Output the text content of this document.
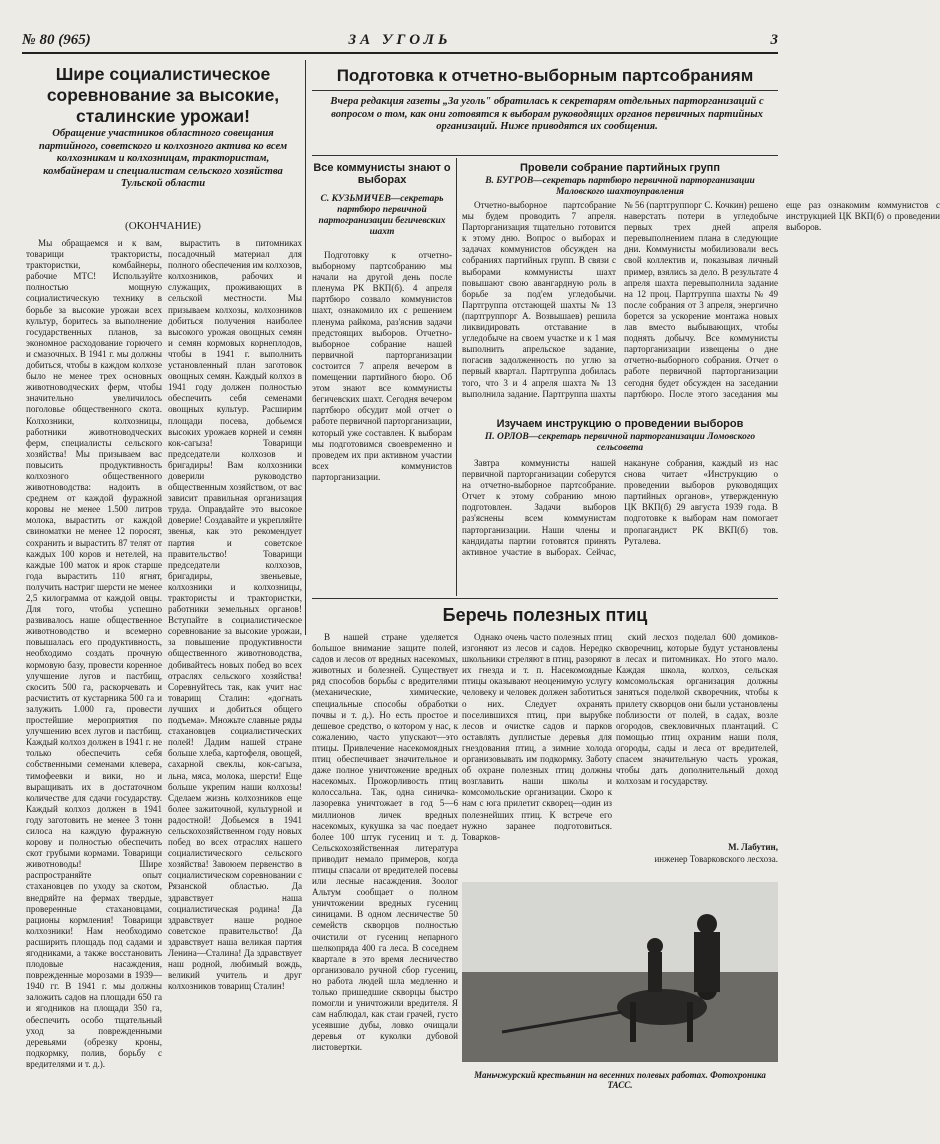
№ 80 (965)	ЗА УГОЛЬ	3
Шире социалистическое соревнование за высокие, сталинские урожаи!
Обращение участников областного совещания партийного, советского и колхозного актива ко всем колхозникам и колхозницам, трактористам, комбайнерам и специалистам сельского хозяйства Тульской области
(ОКОНЧАНИЕ)

Мы обращаемся и к вам, товарищи трактористы, трактористки, комбайнеры, рабочие МТС! Используйте полностью мощную социалистическую технику в борьбе за высокие урожаи всех культур, боритесь за выполнение государственных планов, за экономное расходование горючего и смазочных. В 1941 г. мы должны добиться, чтобы в каждом колхозе было не менее трех основных животноводческих ферм, чтобы значительно увеличилось поголовье общественного скота. Колхозники, колхозницы, работники животноводческих ферм, специалисты сельского хозяйства! Мы призываем вас повысить продуктивность колхозного общественного животноводства: надоить в среднем от каждой фуражной коровы не менее 1.500 литров молока, вырастить от каждой свиноматки не менее 12 поросят, сохранить и вырастить 87 телят от каждых 100 коров и нетелей, на каждые 100 маток и ярок старше года вырастить 110 ягнят, получить настриг шерсти не менее 2,5 килограмма от каждой овцы. Для того, чтобы успешно развивалось наше общественное животноводство и всемерно повышалась его продуктивность, необходимо создать прочную кормовую базу, провести коренное улучшение лугов и пастбищ, скосить 500 га, раскорчевать и расчистить от кустарника 500 га и залужить 1.000 га, провести простейшие мероприятия по улучшению всех лугов и пастбищ. Каждый колхоз должен в 1941 г. не только обеспечить себя собственными семенами клевера, тимофеевки и вики, но и выращивать их в достаточном количестве для сдачи государству. Каждый колхоз должен в 1941 году заготовить не менее 3 тонн силоса на каждую фуражную корову и полностью обеспечить скот грубыми кормами. Товарищи животноводы! Шире распространяйте опыт стахановцев по уходу за скотом, внедряйте на фермах твердые, проверенные стахановцами, рационы кормления! Товарищи колхозники! Нам необходимо расширить площадь под садами и ягодниками, а также восстановить плодовые насаждения, поврежденные морозами в 1939—1940 гг. В 1941 г. мы должны заложить садов на площади 650 га и ягодников на площади 350 га, обеспечить особо тщательный уход за поврежденными деревьями (обрезку кроны, подкормку, полив, борьбу с вредителями и т. д.).

вырастить в питомниках посадочный материал для полного обеспечения им колхозов, колхозников, рабочих и служащих, проживающих в сельской местности. Мы призываем колхозы, колхозников добиться получения наиболее высокого урожая овощных семян и семян кормовых корнеплодов, чтобы в 1941 г. выполнить установленный план заготовок овощных семян. Каждый колхоз в 1941 году должен полностью обеспечить себя семенами овощных культур. Расширим площади посева, добьемся высоких урожаев корней и семян кок-сагыза! Товарищи председатели колхозов и бригадиры! Вам колхозники доверили руководство общественным хозяйством, от вас зависит правильная организация труда. Оправдайте это высокое доверие! Создавайте и укрепляйте звенья, как это рекомендует партия и советское правительство! Товарищи председатели колхозов, бригадиры, звеньевые, колхозники и колхозницы, трактористы и трактористки, работники земельных органов! Вступайте в социалистическое соревнование за высокие урожаи, за повышение продуктивности общественного животноводства, добивайтесь новых побед во всех отраслях сельского хозяйства! Соревнуйтесь так, как учит нас товарищ Сталин: «догнать лучших и добиться общего подъема». Множьте славные ряды стахановцев социалистических полей! Дадим нашей стране больше хлеба, картофеля, овощей, сахарной свеклы, кок-сагыза, льна, мяса, молока, шерсти! Еще больше укрепим наши колхозы! Сделаем жизнь колхозников еще более зажиточной, культурной и радостной! Добьемся в 1941 сельскохозяйственном году новых побед во всех отраслях нашего социалистического сельского хозяйства! Завоюем первенство в социалистическом соревновании с Рязанской областью. Да здравствует наша социалистическая родина! Да здравствует наше родное советское правительство! Да здравствует наша великая партия Ленина—Сталина! Да здравствует наш родной, любимый вождь, великий учитель и друг колхозников товарищ Сталин!

Подготовка к отчетно-выборным партсобраниям
Вчера редакция газеты „За уголь" обратилась к секретарям отдельных парторганизаций с вопросом о том, как они готовятся к выборам руководящих органов первичных партийных организаций. Ниже приводятся их сообщения.
Все коммунисты знают о выборах
С. КУЗЬМИЧЕВ—секретарь партбюро первичной партогранизации бегичевских шахт

Подготовку к отчетно-выборному партсобранию мы начали на другой день после пленума РК ВКП(б). 4 апреля партбюро созвало коммунистов шахт, ознакомило их с решением пленума райкома, раз'яснив задачи предстоящих выборов. Отчетно-выборное собрание нашей первичной парторганизации состоится 7 апреля вечером в помещении партийного бюро. Об этом знают все коммунисты бегичевских шахт. Сегодня вечером партбюро обсудит мой отчет о работе первичной парторганизации, который уже составлен. К выборам мы подготовимся своевременно и проведем их при активном участии всех коммунистов парторганизации.

Провели собрание партийных групп
В. БУГРОВ—секретарь партбюро первичной парторганизации Маловского шахтоуправления

Отчетно-выборное партсобрание мы будем проводить 7 апреля. Парторганизация тщательно готовится к этому дню. Вопрос о выборах и задачах коммунистов обсужден на собраниях партийных групп. В связи с выборами коммунисты шахт повышают свою авангардную роль в борьбе за под'ем угледобычи. Партгруппа отстающей шахты № 13 (партгруппорг А. Возвышаев) решила ликвидировать отставание в угледобыче на своем участке и к 1 мая выполнить апрельское задание, погасив задолженность по углю за первый квартал. Партгруппа добилась того, что 3 и 4 апреля шахта № 13 выполнила задание. Партгруппа шахты № 56 (партгруппорг С. Кочкин) решено наверстать потери в угледобыче первых трех дней апреля перевыполнением плана в следующие дни. Коммунисты мобилизовали весь свой коллектив и, показывая личный пример, взялись за дело. В результате 4 апреля шахта перевыполнила задание на 12 проц. Партгруппа шахты № 49 после собрания от 3 апреля, энергично борется за ускорение монтажа новых лав вместо выбывающих, чтобы поднять добычу. Все коммунисты парторганизации извещены о дне отчетно-выборного собрания. Отчет о работе первичной парторганизации сегодня будет обсужден на заседании партбюро. После этого заседания мы еще раз ознакомим коммунистов с инструкцией ЦК ВКП(б) о проведении выборов.

Изучаем инструкцию о проведении выборов
П. ОРЛОВ—секретарь первичной парторганизации Ломовского сельсовета

Завтра коммунисты нашей первичной парторганизации соберутся на отчетно-выборное партсобрание. Отчет к этому собранию мною подготовлен. Задачи выборов раз'яснены всем коммунистам парторганизации. Наши члены и кандидаты партии готовятся принять активное участие в выборах. Сейчас, накануне собрания, каждый из нас снова читает «Инструкцию о проведении выборов руководящих партийных органов», утвержденную ЦК ВКП(б) 29 августа 1939 года. В подготовке к выборам нам помогает пропагандист РК ВКП(б) тов. Руталева.

Беречь полезных птиц

В нашей стране уделяется большое внимание защите полей, садов и лесов от вредных насекомых, животных и болезней. Существует ряд способов борьбы с вредителями (механические, химические, специальные способы обработки почвы и т. д.). Но есть простое и дешевое средство, о котором у нас, к сожалению, часто упускают—это птицы. Привлечение насекомоядных птиц обеспечивает значительное и даже полное уничтожение вредных насекомых. Прожорливость птиц колоссальна. Так, одна синичка-лазоревка уничтожает в год 5—6 миллионов личек вредных насекомых, кукушка за час поедает более 100 штук гусениц и т. д. Сельскохозяйственная литература приводит немало примеров, когда птицы спасали от вредителей посевы или лесные насаждения. Зоолог Альтум сообщает о полном уничтожении вредных гусениц синицами. В одном лесничестве 50 семейств скворцов полностью очистили от гусениц непарного шелкопряда 400 га леса. В соседнем квартале в это время лесничество организовало ручной сбор гусениц, но работа людей шла медленно и только пришедшие скворцы быстро помогли и уничтожили вредителя. Я сам наблюдал, как стаи грачей, густо усеявшие дубы, ловко очищали деревья от куколки дубовой листовертки.

Однако очень часто полезных птиц изгоняют из лесов и садов. Нередко школьники стреляют в птиц, разоряют их гнезда и т. п. Насекомоядные птицы оказывают неоценимую услугу человеку и человек должен заботиться о них. Следует охранять поселившихся птиц, при вырубке лесов и очистке садов и парков оставлять дуплистые деревья для гнездования птиц, а зимние холода организовывать им подкормку. Заботу об охране полезных птиц должны возглавить наши школы и комсомольские организации. Скоро к нам с юга прилетит скворец—один из полезнейших птиц. К встрече его нужно заранее подготовиться. Товарков-

ский лесхоз поделал 600 домиков-скворечниц, которые будут установлены в лесах и питомниках. Но этого мало. Каждая школа, колхоз, сельская комсомольская организация должны заняться поделкой скворечник, чтобы к прилету скворцов они были установлены поблизости от полей, в садах, возле огородов, свекловичных плантаций. С помощью птиц охраним наши поля, огороды, сады и леса от вредителей, спасем значительную часть урожая, чтобы дать дополнительный доход колхозам и государству.

М. Лабутин,
инженер Товарковского лесхоза.
Маньчжурский крестьянин на весенних полевых работах. Фотохроника ТАСС.
